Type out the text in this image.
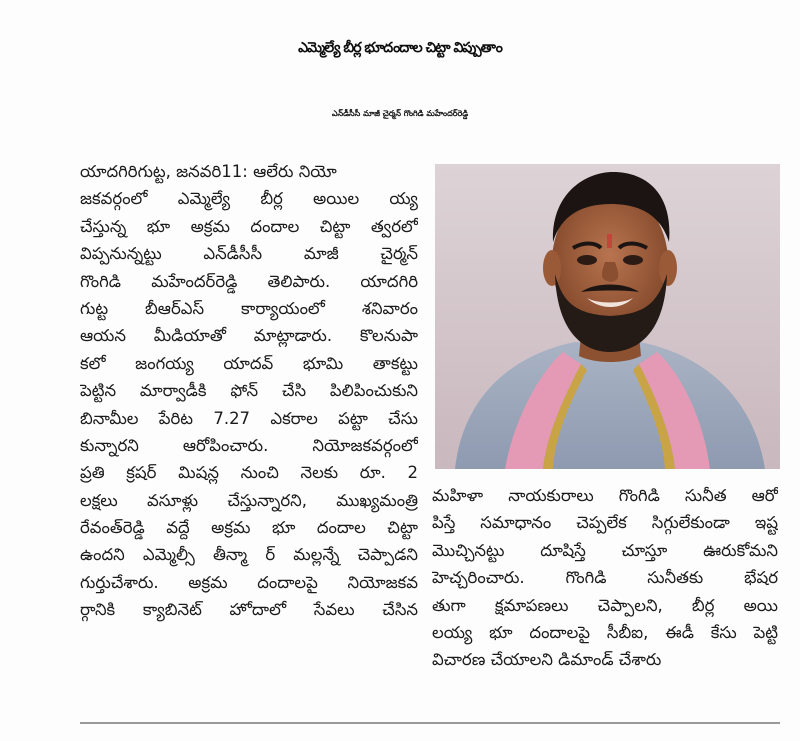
ఎమ్మెల్యే బీర్ల భూదందాల చిట్టా విప్పుతాం
ఎన్‌డీసీసీ మాజీ చైర్మన్ గొంగిడి మహేందర్‌రెడ్డి
యాదగిరిగుట్ట, జనవరి11: ఆలేరు నియో
జకవర్గంలో ఎమ్మెల్యే బీర్ల అయిల య్య
చేస్తున్న భూ అక్రమ దందాల చిట్టా త్వరలో
విప్పనున్నట్టు ఎన్‌డీసీసీ మాజీ చైర్మన్
గొంగిడి మహేందర్‌రెడ్డి తెలిపారు. యాదగిరి
గుట్ట బీఆర్‌ఎస్ కార్యాయంలో శనివారం
ఆయన మీడియాతో మాట్లాడారు. కొలనుపా
కలో జంగయ్య యాదవ్ భూమి తాకట్టు
పెట్టిన మార్వాడీకి ఫోన్ చేసి పిలిపించుకుని
బినామీల పేరిట 7.27 ఎకరాల పట్టా చేసు
కున్నారని ఆరోపించారు. నియోజకవర్గంలో
ప్రతి క్రషర్ మిషన్ల నుంచి నెలకు రూ. 2
లక్షలు వసూళ్లు చేస్తున్నారని, ముఖ్యమంత్రి
రేవంత్‌రెడ్డి వద్దే అక్రమ భూ దందాల చిట్టా
ఉందని ఎమ్మెల్సీ తీన్మా ర్ మల్లన్నే చెప్పాడని
గుర్తుచేశారు. అక్రమ దందాలపై నియోజకవ
ర్గానికి క్యాబినెట్ హోదాలో సేవలు చేసిన
మహిళా నాయకురాలు గొంగిడి సునీత ఆరో
పిస్తే సమాధానం చెప్పలేక సిగ్గులేకుండా ఇష్ట
మొచ్చినట్టు దూషిస్తే చూస్తూ ఊరుకోమని
హెచ్చరించారు. గొంగిడి సునీతకు భేషర
తుగా క్షమాపణలు చెప్పాలని, బీర్ల అయి
లయ్య భూ దందాలపై సీబీఐ, ఈడీ కేసు పెట్టి
విచారణ చేయాలని డిమాండ్ చేశారు
